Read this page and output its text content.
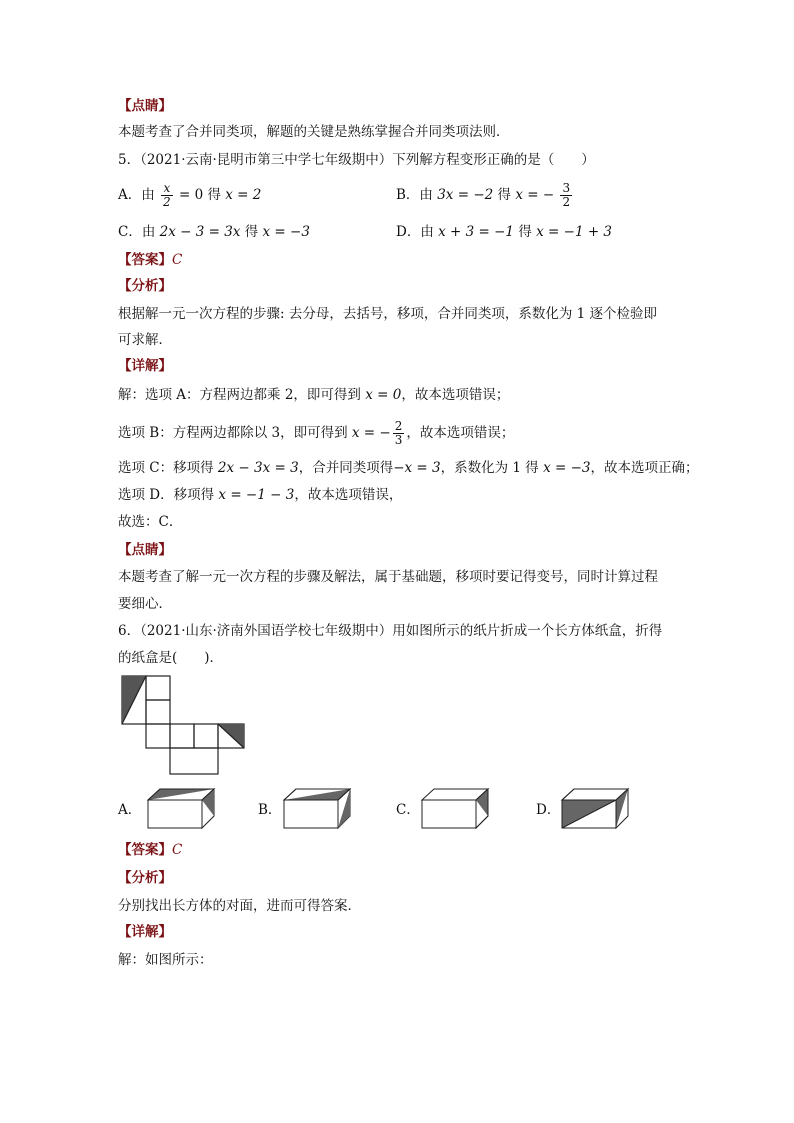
【点睛】
本题考查了合并同类项，解题的关键是熟练掌握合并同类项法则．
5．（2021·云南·昆明市第三中学七年级期中）下列解方程变形正确的是（　　）
A．由 $\frac{x}{2} = 0$ 得 x = 2	B．由 3x = −2 得 x = − $\frac{3}{2}$
C．由 2x − 3 = 3x 得 x = −3	D．由 x + 3 = −1 得 x = −1 + 3
【答案】C
【分析】
根据解一元一次方程的步骤: 去分母，去括号，移项，合并同类项，系数化为 1 逐个检验即
可求解．
【详解】
解：选项 A：方程两边都乘 2，即可得到 x = 0，故本选项错误；
选项 B：方程两边都除以 3，即可得到 x = − $\frac{2}{3}$ ，故本选项错误；
选项 C：移项得 2x − 3x = 3，合并同类项得−x = 3，系数化为 1 得 x = −3，故本选项正确；
选项 D．移项得 x = −1 − 3，故本选项错误，
故选：C．
【点睛】
本题考查了解一元一次方程的步骤及解法，属于基础题，移项时要记得变号，同时计算过程
要细心．
6．（2021·山东·济南外国语学校七年级期中）用如图所示的纸片折成一个长方体纸盒，折得
的纸盒是(　　)．
A．	B．	C．	D．
【答案】C
【分析】
分别找出长方体的对面，进而可得答案．
【详解】
解：如图所示：
